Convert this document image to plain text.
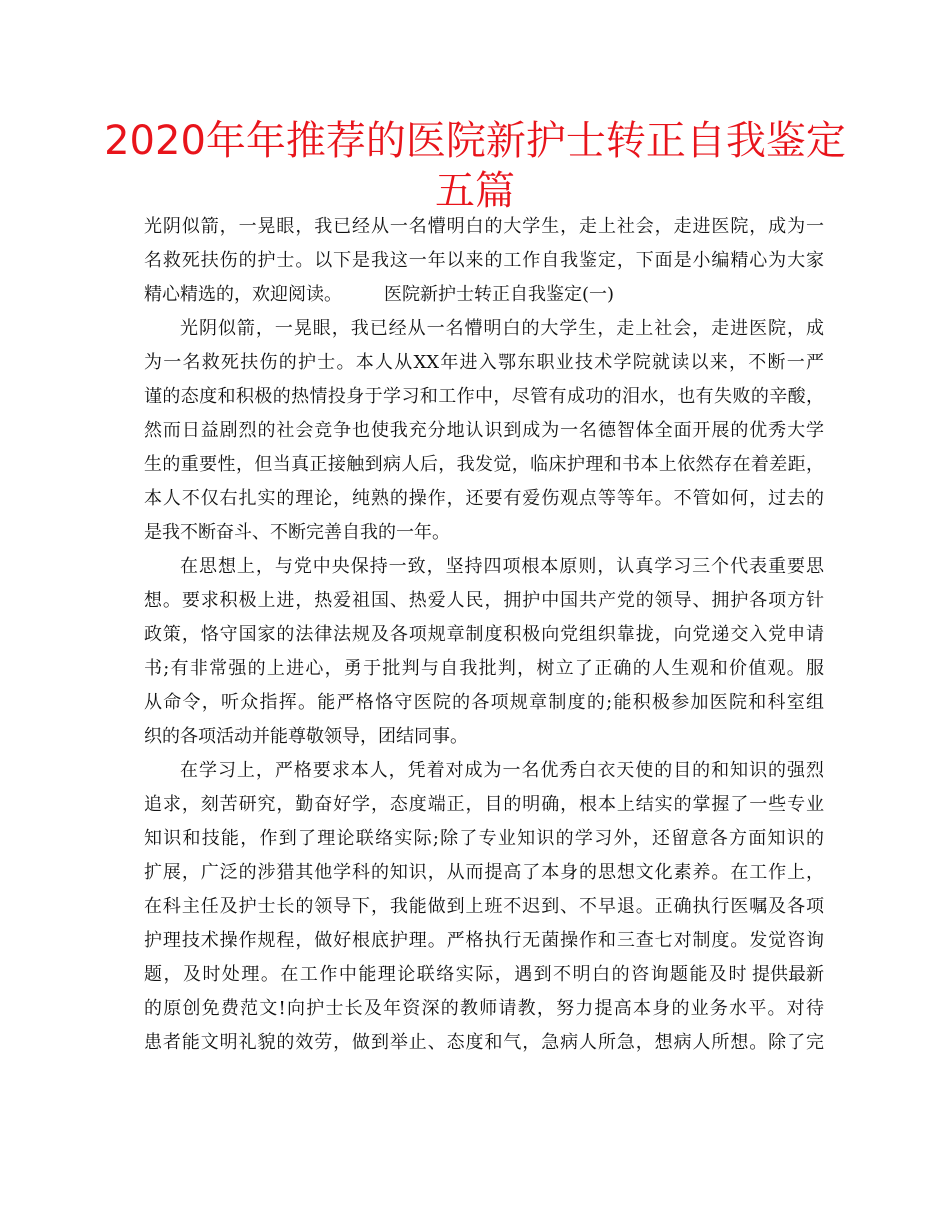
2020年年推荐的医院新护士转正自我鉴定
五篇
光阴似箭，一晃眼，我已经从一名懵明白的大学生，走上社会，走进医院，成为一
名救死扶伤的护士。以下是我这一年以来的工作自我鉴定，下面是小编精心为大家
精心精选的，欢迎阅读。 医院新护士转正自我鉴定(一)
光阴似箭，一晃眼，我已经从一名懵明白的大学生，走上社会，走进医院，成
为一名救死扶伤的护士。本人从XX年进入鄂东职业技术学院就读以来，不断一严
谨的态度和积极的热情投身于学习和工作中，尽管有成功的泪水，也有失败的辛酸，
然而日益剧烈的社会竞争也使我充分地认识到成为一名德智体全面开展的优秀大学
生的重要性，但当真正接触到病人后，我发觉，临床护理和书本上依然存在着差距，
本人不仅右扎实的理论，纯熟的操作，还要有爱伤观点等等年。不管如何，过去的
是我不断奋斗、不断完善自我的一年。
在思想上，与党中央保持一致，坚持四项根本原则，认真学习三个代表重要思
想。要求积极上进，热爱祖国、热爱人民，拥护中国共产党的领导、拥护各项方针
政策，恪守国家的法律法规及各项规章制度积极向党组织靠拢，向党递交入党申请
书;有非常强的上进心，勇于批判与自我批判，树立了正确的人生观和价值观。服
从命令，听众指挥。能严格恪守医院的各项规章制度的;能积极参加医院和科室组
织的各项活动并能尊敬领导，团结同事。
在学习上，严格要求本人，凭着对成为一名优秀白衣天使的目的和知识的强烈
追求，刻苦研究，勤奋好学，态度端正，目的明确，根本上结实的掌握了一些专业
知识和技能，作到了理论联络实际;除了专业知识的学习外，还留意各方面知识的
扩展，广泛的涉猎其他学科的知识，从而提高了本身的思想文化素养。在工作上，
在科主任及护士长的领导下，我能做到上班不迟到、不早退。正确执行医嘱及各项
护理技术操作规程，做好根底护理。严格执行无菌操作和三查七对制度。发觉咨询
题，及时处理。在工作中能理论联络实际，遇到不明白的咨询题能及时 提供最新
的原创免费范文!向护士长及年资深的教师请教，努力提高本身的业务水平。对待
患者能文明礼貌的效劳，做到举止、态度和气，急病人所急，想病人所想。除了完
